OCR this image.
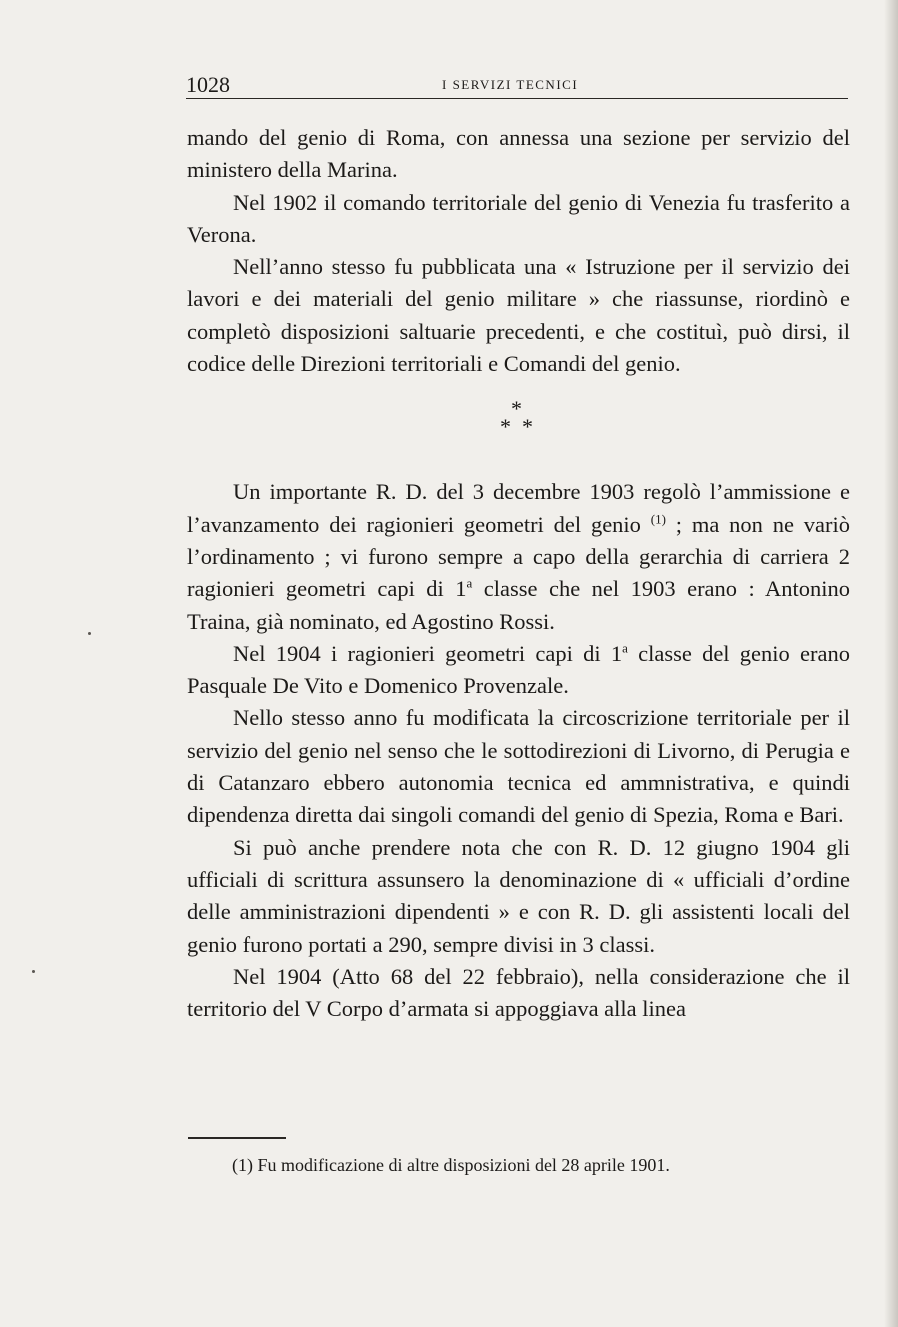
1028	I SERVIZI TECNICI

mando del genio di Roma, con annessa una sezione per servizio del ministero della Marina.

Nel 1902 il comando territoriale del genio di Venezia fu trasferito a Verona.

Nell’anno stesso fu pubblicata una « Istruzione per il servizio dei lavori e dei materiali del genio militare » che riassunse, riordinò e completò disposizioni saltuarie precedenti, e che costituì, può dirsi, il codice delle Direzioni territoriali e Comandi del genio.

*
* *

Un importante R. D. del 3 decembre 1903 regolò l’ammissione e l’avanzamento dei ragionieri geometri del genio $^{(1)}$ ; ma non ne variò l’ordinamento ; vi furono sempre a capo della gerarchia di carriera 2 ragionieri geometri capi di 1$^a$ classe che nel 1903 erano : Antonino Traina, già nominato, ed Agostino Rossi.

Nel 1904 i ragionieri geometri capi di 1$^a$ classe del genio erano Pasquale De Vito e Domenico Provenzale.

Nello stesso anno fu modificata la circoscrizione territoriale per il servizio del genio nel senso che le sottodirezioni di Livorno, di Perugia e di Catanzaro ebbero autonomia tecnica ed ammnistrativa, e quindi dipendenza diretta dai singoli comandi del genio di Spezia, Roma e Bari.

Si può anche prendere nota che con R. D. 12 giugno 1904 gli ufficiali di scrittura assunsero la denominazione di « ufficiali d’ordine delle amministrazioni dipendenti » e con R. D. gli assistenti locali del genio furono portati a 290, sempre divisi in 3 classi.

Nel 1904 (Atto 68 del 22 febbraio), nella considerazione che il territorio del V Corpo d’armata si appoggiava alla linea

(1) Fu modificazione di altre disposizioni del 28 aprile 1901.
